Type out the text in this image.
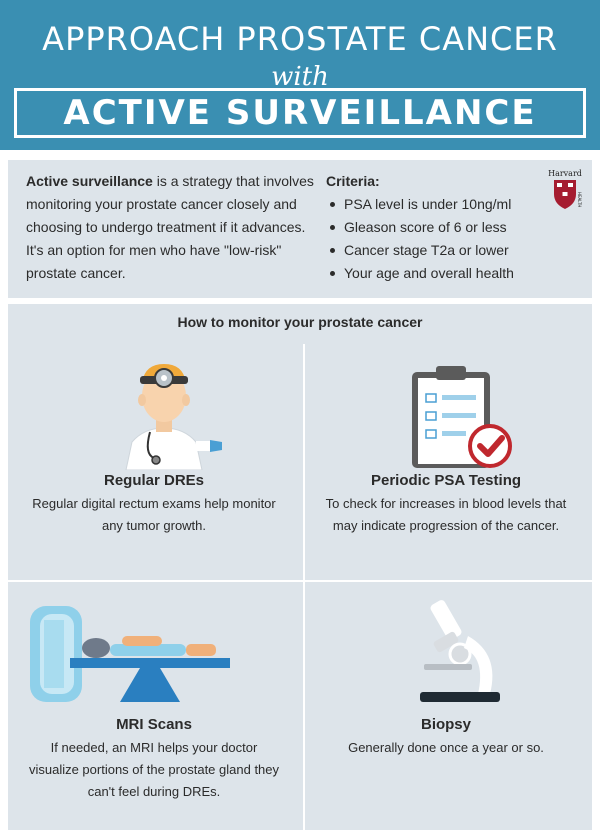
APPROACH PROSTATE CANCER
with
ACTIVE SURVEILLANCE

Active surveillance is a strategy that involves monitoring your prostate cancer closely and choosing to undergo treatment if it advances. It's an option for men who have "low-risk" prostate cancer.

Criteria:
PSA level is under 10ng/ml
Gleason score of 6 or less
Cancer stage T2a or lower
Your age and overall health
Harvard
HEALTH
How to monitor your prostate cancer
Regular DREs
Regular digital rectum exams help monitor any tumor growth.
Periodic PSA Testing
To check for increases in blood levels that may indicate progression of the cancer.
MRI Scans
If needed, an MRI helps your doctor visualize portions of the prostate gland they can't feel during DREs.
Biopsy
Generally done once a year or so.
